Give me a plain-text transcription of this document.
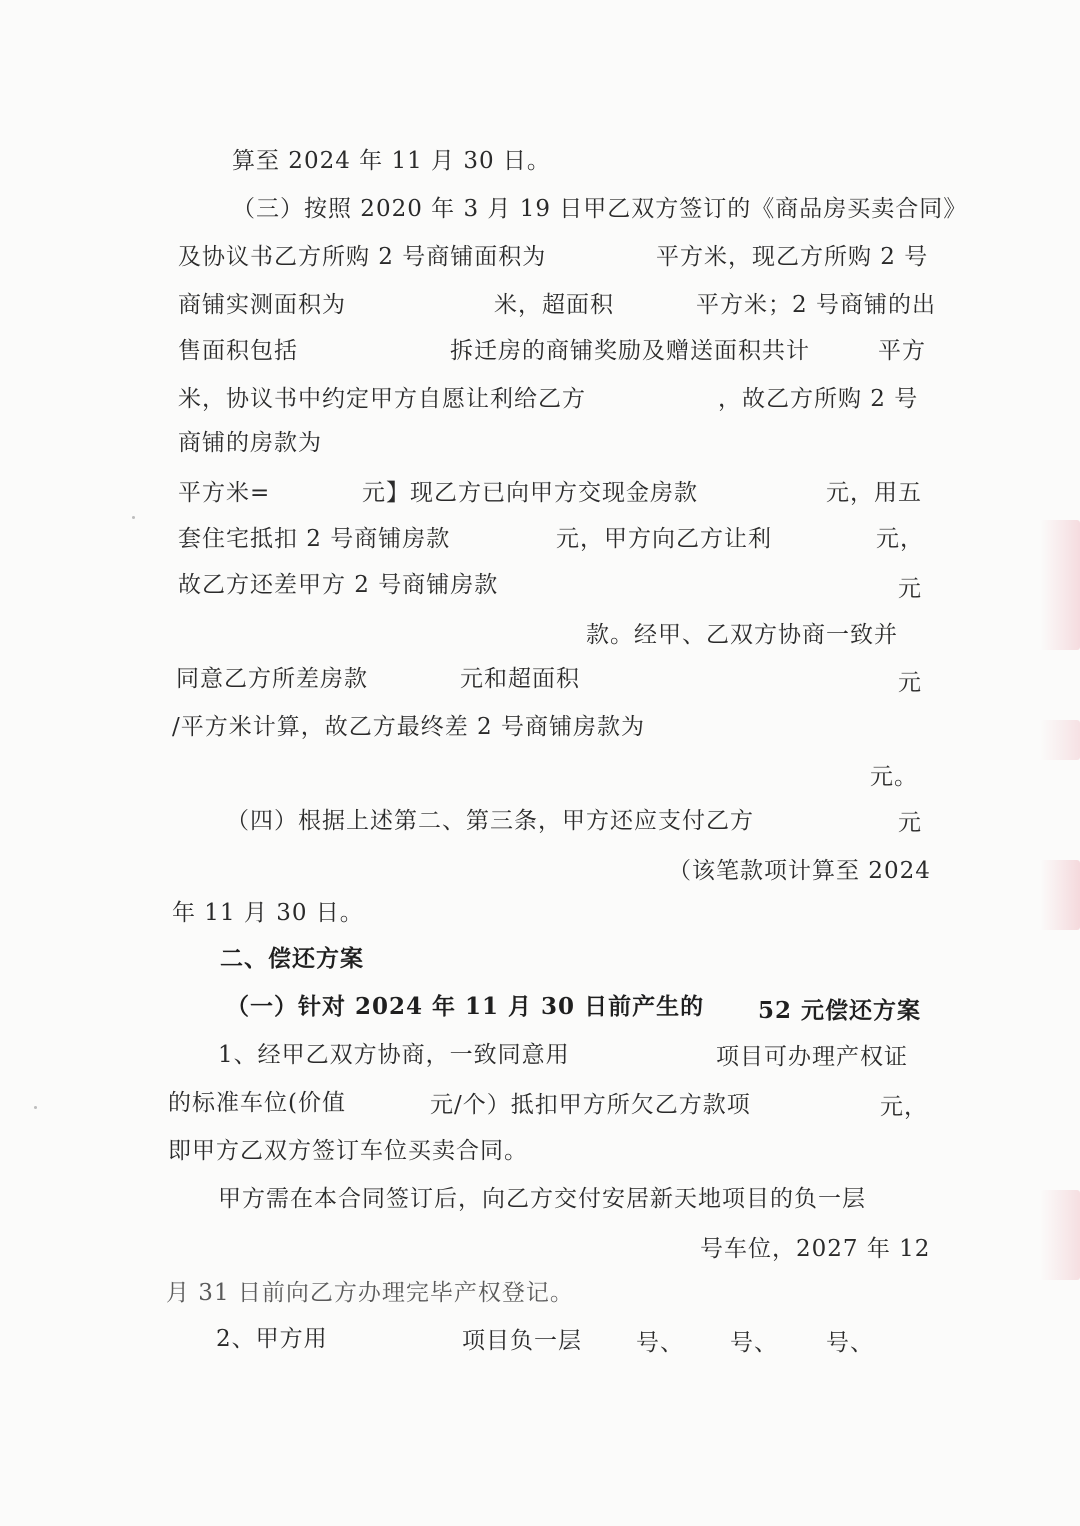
算至 2024 年 11 月 30 日。
（三）按照 2020 年 3 月 19 日甲乙双方签订的《商品房买卖合同》
及协议书乙方所购 2 号商铺面积为	平方米，现乙方所购 2 号
商铺实测面积为	米，超面积	平方米；2 号商铺的出
售面积包括	拆迁房的商铺奖励及赠送面积共计	平方
米，协议书中约定甲方自愿让利给乙方	，故乙方所购 2 号
商铺的房款为
平方米=	元】现乙方已向甲方交现金房款	元，用五
套住宅抵扣 2 号商铺房款	元，甲方向乙方让利	元，
故乙方还差甲方 2 号商铺房款	元
款。经甲、乙双方协商一致并
同意乙方所差房款	元和超面积	元
/平方米计算，故乙方最终差 2 号商铺房款为
元。
（四）根据上述第二、第三条，甲方还应支付乙方	元
（该笔款项计算至 2024
年 11 月 30 日。
二、偿还方案
（一）针对 2024 年 11 月 30 日前产生的 52 元偿还方案
1、经甲乙双方协商，一致同意用	项目可办理产权证
的标准车位(价值	元/个）抵扣甲方所欠乙方款项	元，
即甲方乙双方签订车位买卖合同。
甲方需在本合同签订后，向乙方交付安居新天地项目的负一层
号车位，2027 年 12
月 31 日前向乙方办理完毕产权登记。
2、甲方用	项目负一层 号、 号、 号、
